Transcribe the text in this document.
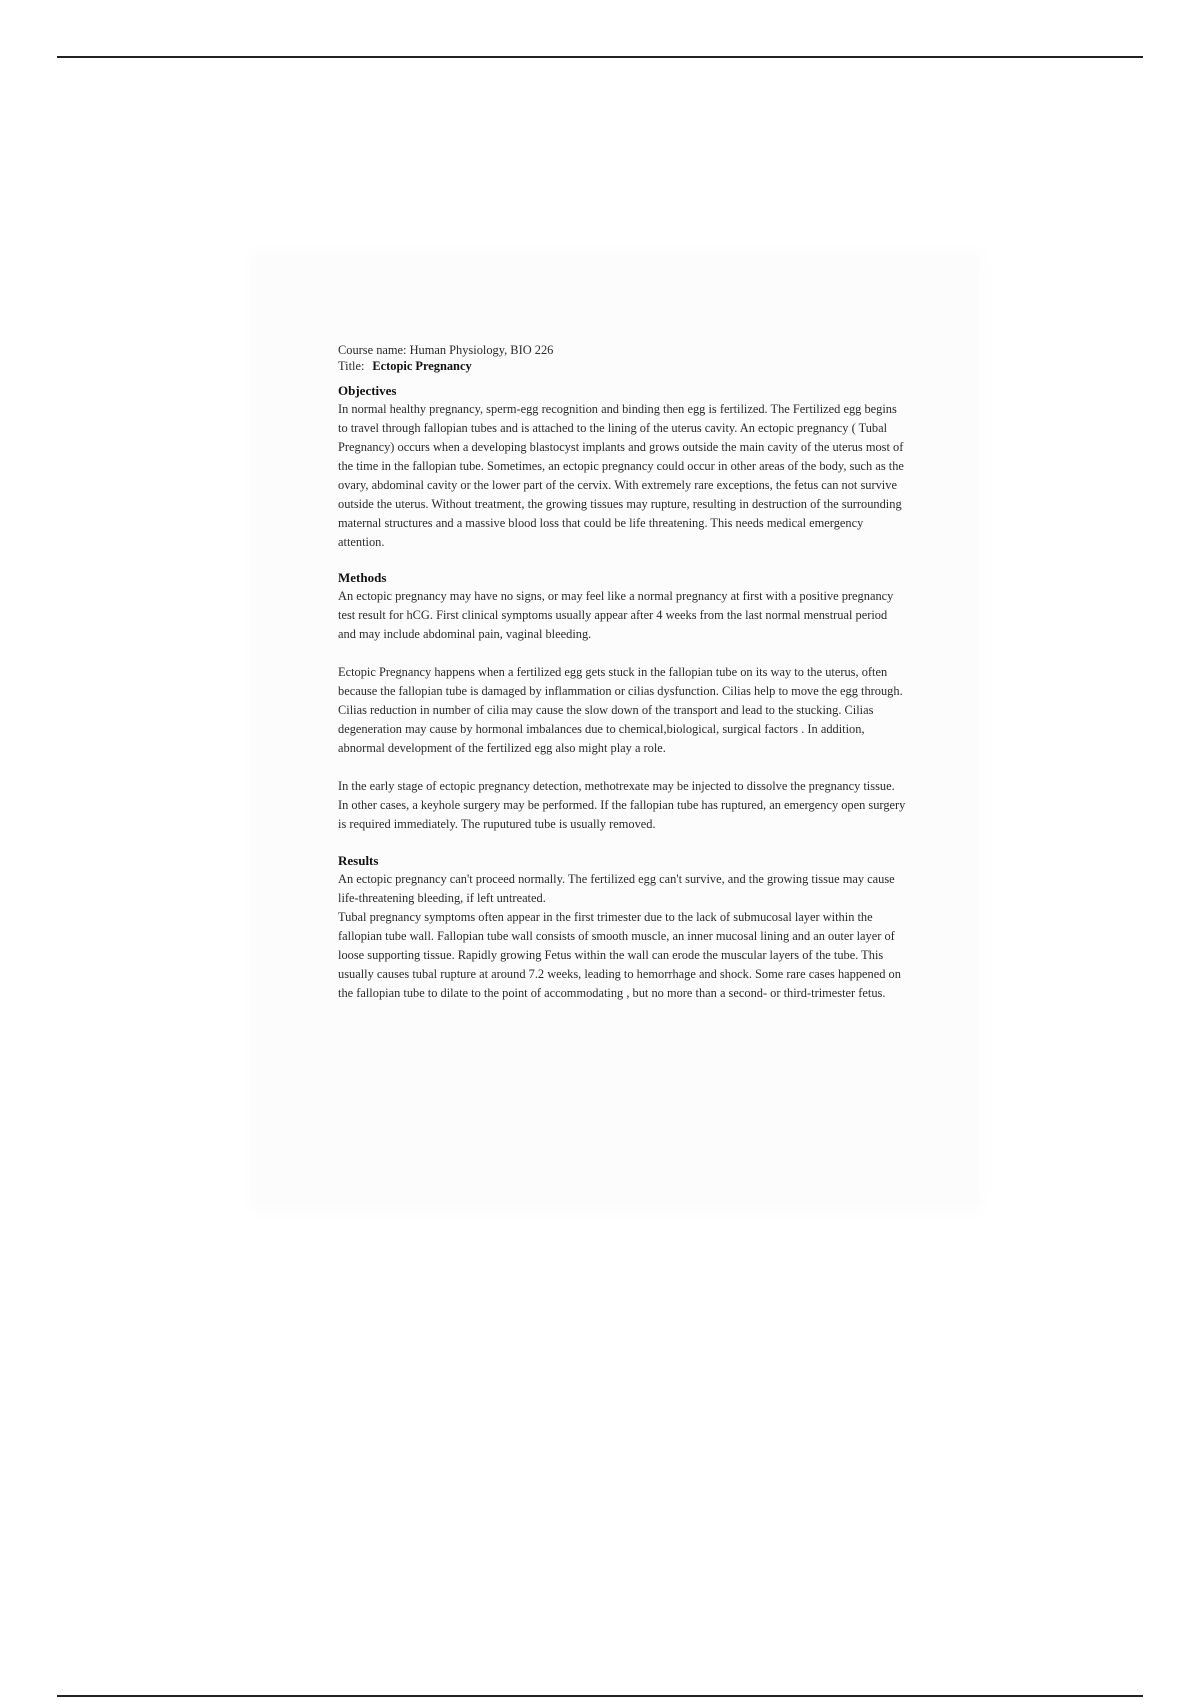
Course name: Human Physiology, BIO 226

Title: Ectopic Pregnancy

Objectives

In normal healthy pregnancy, sperm-egg recognition and binding then egg is fertilized. The Fertilized egg begins to travel through fallopian tubes and is attached to the lining of the uterus cavity. An ectopic pregnancy ( Tubal Pregnancy) occurs when a developing blastocyst implants and grows outside the main cavity of the uterus most of the time in the fallopian tube. Sometimes, an ectopic pregnancy could occur in other areas of the body, such as the ovary, abdominal cavity or the lower part of the cervix. With extremely rare exceptions, the fetus can not survive outside the uterus. Without treatment, the growing tissues may rupture, resulting in destruction of the surrounding maternal structures and a massive blood loss that could be life threatening. This needs medical emergency attention.

Methods

An ectopic pregnancy may have no signs, or may feel like a normal pregnancy at first with a positive pregnancy test result for hCG. First clinical symptoms usually appear after 4 weeks from the last normal menstrual period and may include abdominal pain, vaginal bleeding.

Ectopic Pregnancy happens when a fertilized egg gets stuck in the fallopian tube on its way to the uterus, often because the fallopian tube is damaged by inflammation or cilias dysfunction. Cilias help to move the egg through. Cilias reduction in number of cilia may cause the slow down of the transport and lead to the stucking. Cilias degeneration may cause by hormonal imbalances due to chemical,biological, surgical factors . In addition, abnormal development of the fertilized egg also might play a role.

In the early stage of ectopic pregnancy detection, methotrexate may be injected to dissolve the pregnancy tissue. In other cases, a keyhole surgery may be performed. If the fallopian tube has ruptured, an emergency open surgery is required immediately. The ruputured tube is usually removed.

Results

An ectopic pregnancy can't proceed normally. The fertilized egg can't survive, and the growing tissue may cause life-threatening bleeding, if left untreated.

Tubal pregnancy symptoms often appear in the first trimester due to the lack of submucosal layer within the fallopian tube wall. Fallopian tube wall consists of smooth muscle, an inner mucosal lining and an outer layer of loose supporting tissue. Rapidly growing Fetus within the wall can erode the muscular layers of the tube. This usually causes tubal rupture at around 7.2 weeks, leading to hemorrhage and shock. Some rare cases happened on the fallopian tube to dilate to the point of accommodating , but no more than a second- or third-trimester fetus.
